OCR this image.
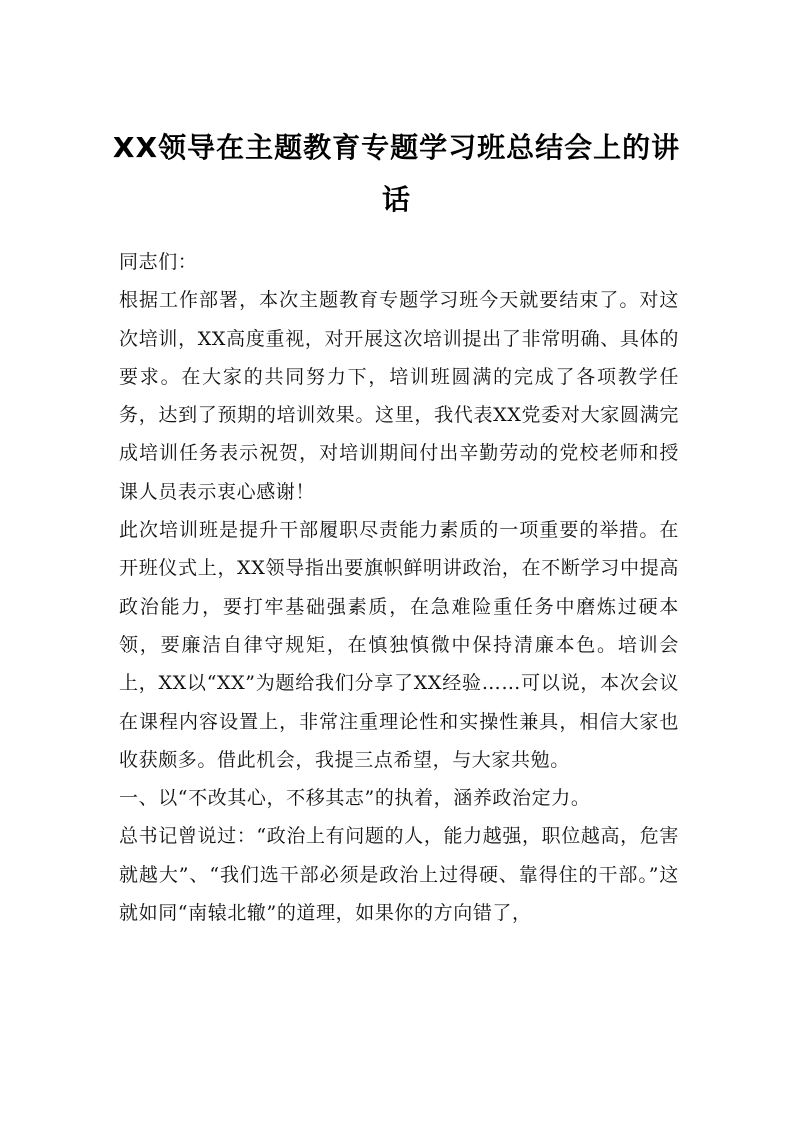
XX领导在主题教育专题学习班总结会上的讲话

同志们：

根据工作部署，本次主题教育专题学习班今天就要结束了。对这次培训，XX高度重视，对开展这次培训提出了非常明确、具体的要求。在大家的共同努力下，培训班圆满的完成了各项教学任务，达到了预期的培训效果。这里，我代表XX党委对大家圆满完成培训任务表示祝贺，对培训期间付出辛勤劳动的党校老师和授课人员表示衷心感谢！

此次培训班是提升干部履职尽责能力素质的一项重要的举措。在开班仪式上，XX领导指出要旗帜鲜明讲政治，在不断学习中提高政治能力，要打牢基础强素质，在急难险重任务中磨炼过硬本领，要廉洁自律守规矩，在慎独慎微中保持清廉本色。培训会上，XX以“XX”为题给我们分享了XX经验……可以说，本次会议在课程内容设置上，非常注重理论性和实操性兼具，相信大家也收获颇多。借此机会，我提三点希望，与大家共勉。

一、以“不改其心，不移其志”的执着，涵养政治定力。

总书记曾说过：“政治上有问题的人，能力越强，职位越高，危害就越大”、“我们选干部必须是政治上过得硬、靠得住的干部。”这就如同“南辕北辙”的道理，如果你的方向错了，
